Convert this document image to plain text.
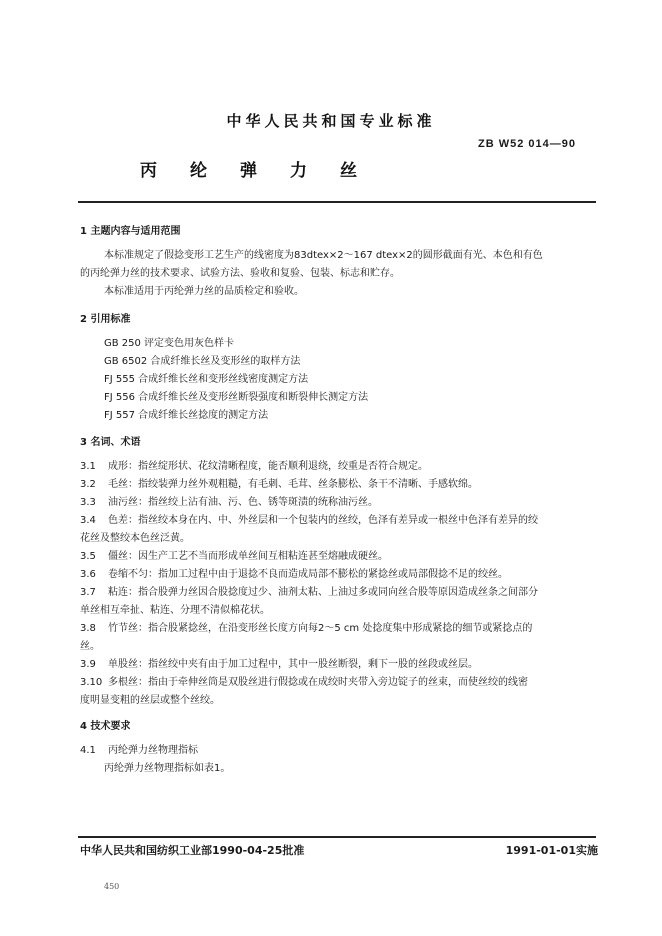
中华人民共和国专业标准
ZB W52 014—90
丙纶弹力丝
1 主题内容与适用范围
本标准规定了假捻变形工艺生产的线密度为83dtex×2～167 dtex×2的圆形截面有光、本色和有色
的丙纶弹力丝的技术要求、试验方法、验收和复验、包装、标志和贮存。
本标准适用于丙纶弹力丝的品质检定和验收。
2 引用标准
GB 250 评定变色用灰色样卡
GB 6502 合成纤维长丝及变形丝的取样方法
FJ 555 合成纤维长丝和变形丝线密度测定方法
FJ 556 合成纤维长丝及变形丝断裂强度和断裂伸长测定方法
FJ 557 合成纤维长丝捻度的测定方法
3 名词、术语
3.1 成形：指丝绽形状、花纹清晰程度，能否顺利退绕，绞重是否符合规定。
3.2 毛丝：指绞装弹力丝外观粗糙，有毛刺、毛茸、丝条膨松、条干不清晰、手感软绵。
3.3 油污丝：指丝绞上沾有油、污、色、锈等斑渍的统称油污丝。
3.4 色差：指丝绞本身在内、中、外丝层和一个包装内的丝绞，色泽有差异或一根丝中色泽有差异的绞
花丝及整绞本色丝泛黄。
3.5 僵丝：因生产工艺不当而形成单丝间互相粘连甚至熔融成硬丝。
3.6 卷缩不匀：指加工过程中由于退捻不良而造成局部不膨松的紧捻丝或局部假捻不足的绞丝。
3.7 粘连：指合股弹力丝因合股捻度过少、油剂太粘、上油过多或同向丝合股等原因造成丝条之间部分
单丝相互牵扯、粘连、分理不清似棉花状。
3.8 竹节丝：指合股紧捻丝，在沿变形丝长度方向每2～5 cm 处捻度集中形成紧捻的细节或紧捻点的
丝。
3.9 单股丝：指丝绞中夹有由于加工过程中，其中一股丝断裂，剩下一股的丝段或丝层。
3.10 多根丝：指由于牵伸丝筒是双股丝进行假捻或在成绞时夹带入旁边锭子的丝束，而使丝绞的线密
度明显变粗的丝层或整个丝绞。
4 技术要求
4.1 丙纶弹力丝物理指标
丙纶弹力丝物理指标如表1。
中华人民共和国纺织工业部1990-04-25批准	1991-01-01实施
450
